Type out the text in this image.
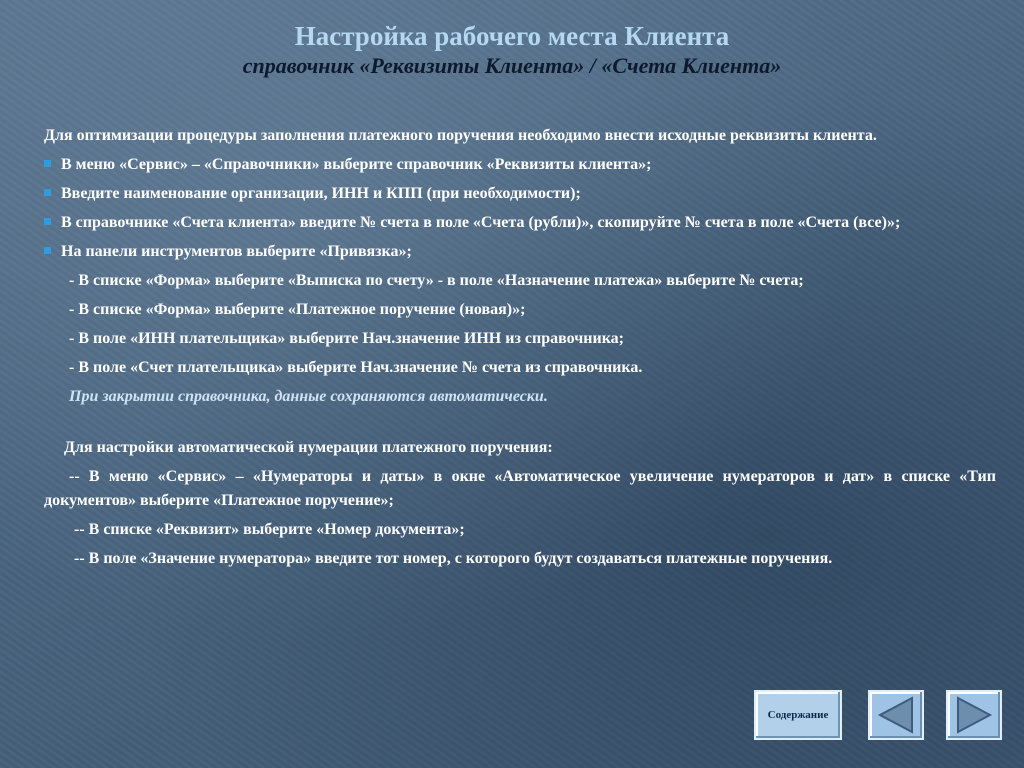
Настройка рабочего места Клиента
справочник «Реквизиты Клиента» / «Счета Клиента»

Для оптимизации процедуры заполнения платежного поручения необходимо внести исходные реквизиты клиента.

В меню «Сервис» – «Справочники» выберите справочник «Реквизиты клиента»;
Введите наименование организации, ИНН и КПП (при необходимости);
В справочнике «Счета клиента» введите № счета в поле «Счета (рубли)», скопируйте № счета в поле «Счета (все)»;
На панели инструментов выберите «Привязка»;

- В списке «Форма» выберите «Выписка по счету» - в поле «Назначение платежа» выберите № счета;

- В списке «Форма» выберите «Платежное поручение (новая)»;

- В поле «ИНН плательщика» выберите Нач.значение ИНН из справочника;

- В поле «Счет плательщика» выберите Нач.значение № счета из справочника.

При закрытии справочника, данные сохраняются автоматически.

Для настройки автоматической нумерации платежного поручения:

-- В меню «Сервис» – «Нумераторы и даты» в окне «Автоматическое увеличение нумераторов и дат» в списке «Тип документов» выберите «Платежное поручение»;

-- В списке «Реквизит» выберите «Номер документа»;

-- В поле «Значение нумератора» введите тот номер, с которого будут создаваться платежные поручения.

Содержание
